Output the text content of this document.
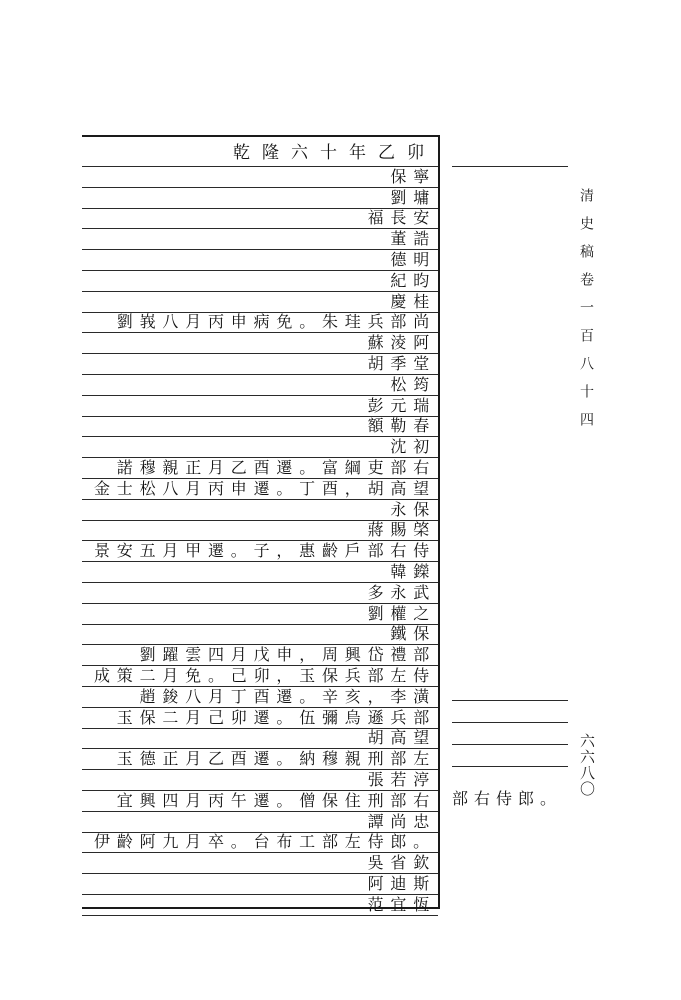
乾隆六十年乙卯
保寧
劉墉
福長安
董誥
德明
紀昀
慶桂
劉峩八月丙申病免。朱珪兵部尚
蘇淩阿
胡季堂
松筠
彭元瑞
額勒春
沈初
諾穆親正月乙酉遷。富綱吏部右
金士松八月丙申遷。丁酉，胡高望
永保
蔣賜棨
景安五月甲遷。子，惠齡戶部右侍
韓鑅
多永武
劉權之
鐵保
劉躍雲四月戊申，周興岱禮部
成策二月免。己卯，玉保兵部左侍
趙鋑八月丁酉遷。辛亥，李潢
玉保二月己卯遷。伍彌烏遜兵部
胡高望
玉德正月乙酉遷。納穆親刑部左
張若渟
宜興四月丙午遷。僧保住刑部右
譚尚忠
伊齡阿九月卒。台布工部左侍郎。
吳省欽
阿迪斯
范宜恆
部右侍郎。
清史稿卷一百八十四
六六八〇
